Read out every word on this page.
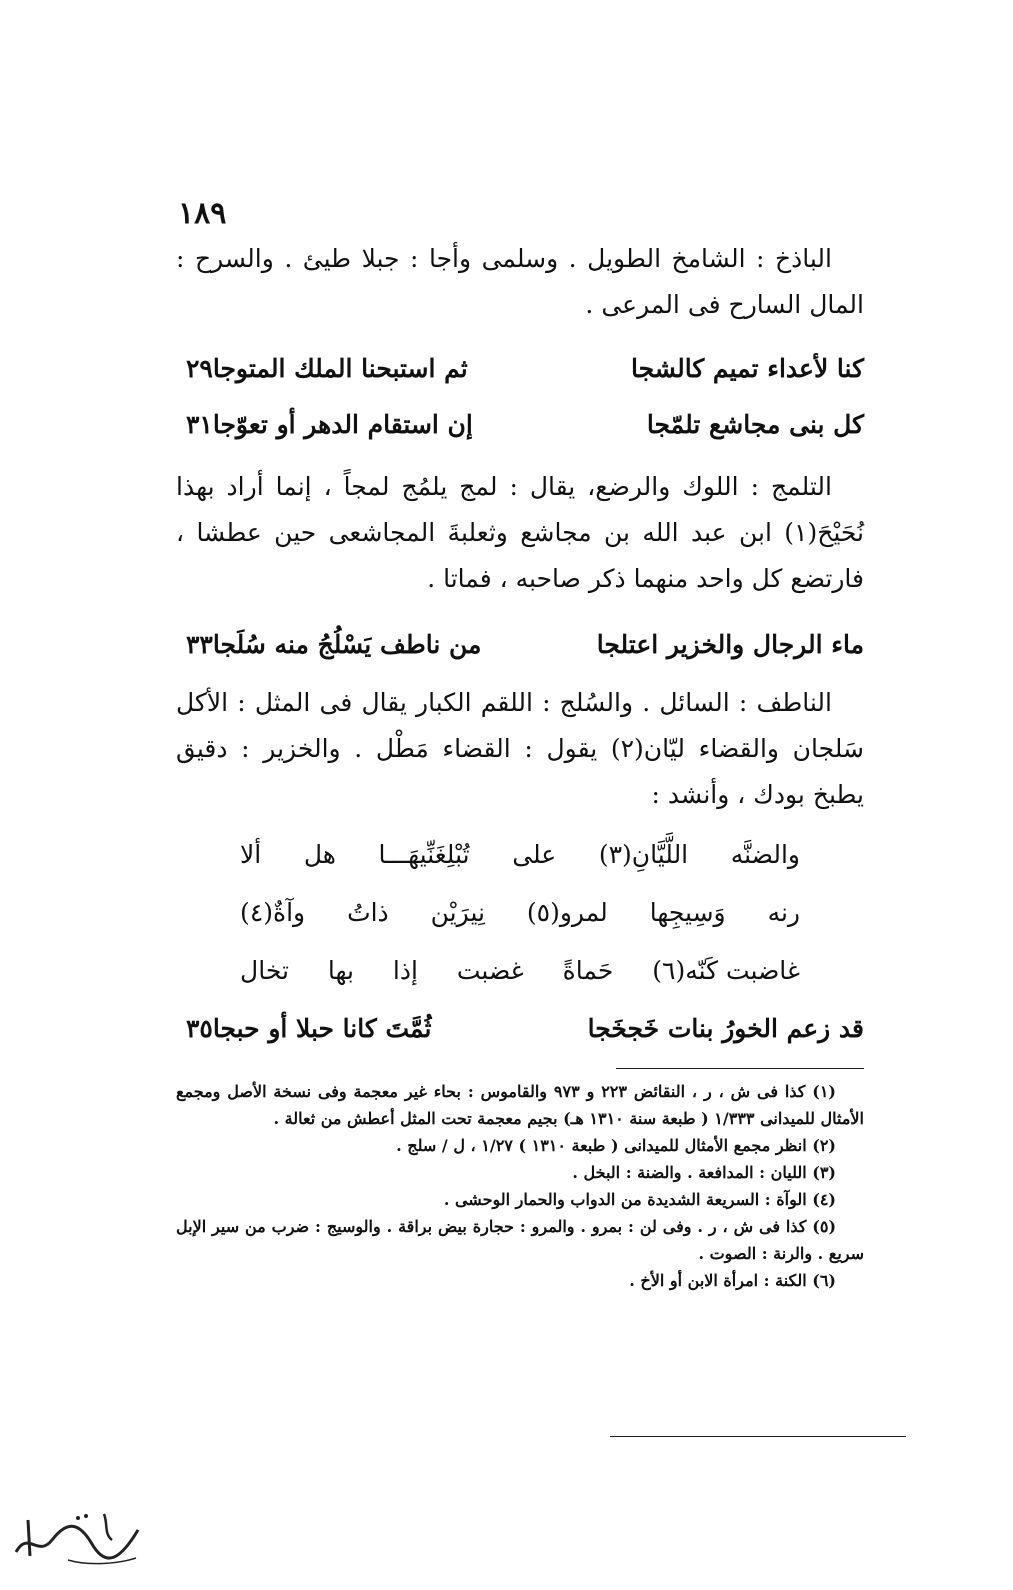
١٨٩

الباذخ : الشامخ الطويل . وسلمى وأجا : جبلا طيئ . والسرح : المال السارح فى المرعى .

٢٩ ثم استبحنا الملك المتوجا	كنا لأعداء تميم كالشجا
٣١ إن استقام الدهر أو تعوّجا	كل بنى مجاشع تلمّجا

التلمج : اللوك والرضع، يقال : لمج يلمُج لمجاً ، إنما أراد بهذا نُحَيْحَ(١) ابن عبد الله بن مجاشع وثعلبةَ المجاشعى حين عطشا ، فارتضع كل واحد منهما ذكر صاحبه ، فماتا .

٣٣ من ناطف يَسْلُجُ منه سُلَجا	ماء الرجال والخزير اعتلجا

الناطف : السائل . والسُلج : اللقم الكبار يقال فى المثل : الأكل سَلجان والقضاء ليّان(٢) يقول : القضاء مَطْل . والخزير : دقيق يطبخ بودك ، وأنشد :

ألا هل تُبْلِغَنِّيهَـــا على اللَّيَّانِ(٣) والضنَّه
وآةٌ(٤) ذاتُ نِيرَيْن لمرو(٥) وَسِيجِها رنه
تخال بها إذا غضبت حَماةً غاضبت كَنّه(٦)
٣٥ ثُمَّتَ كانا حبلا أو حبجا	قد زعم الخورُ بنات خَجخَجا

(١) كذا فى ش ، ر ، النقائض ٢٢٣ و ٩٧٣ والقاموس : بحاء غير معجمة وفى نسخة الأصل ومجمع الأمثال للميدانى ١/٣٣٣ ( طبعة سنة ١٣١٠ هـ) بجيم معجمة تحت المثل أعطش من ثعالة .

(٢) انظر مجمع الأمثال للميدانى ( طبعة ١٣١٠ ) ١/٢٧ ، ل / سلج .

(٣) الليان : المدافعة . والضنة : البخل .

(٤) الوآة : السريعة الشديدة من الدواب والحمار الوحشى .

(٥) كذا فى ش ، ر . وفى لن : بمرو . والمرو : حجارة بيض براقة . والوسيج : ضرب من سير الإبل سريع . والرنة : الصوت .

(٦) الكنة : امرأة الابن أو الأخ .
